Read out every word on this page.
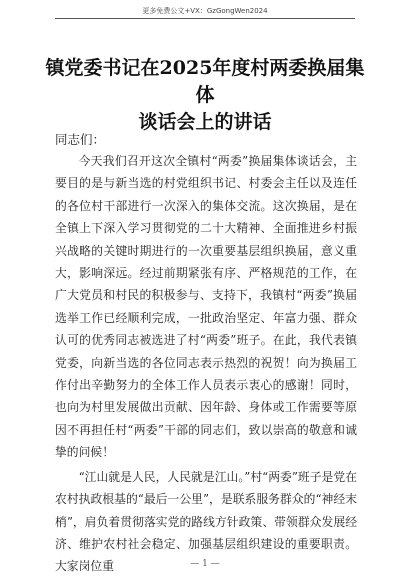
更多免费公文+VX：GzGongWen2024
镇党委书记在2025年度村两委换届集体
谈话会上的讲话
同志们：

今天我们召开这次全镇村“两委”换届集体谈话会，主要目的是与新当选的村党组织书记、村委会主任以及连任的各位村干部进行一次深入的集体交流。这次换届，是在全镇上下深入学习贯彻党的二十大精神、全面推进乡村振兴战略的关键时期进行的一次重要基层组织换届，意义重大，影响深远。经过前期紧张有序、严格规范的工作，在广大党员和村民的积极参与、支持下，我镇村“两委”换届选举工作已经顺利完成，一批政治坚定、年富力强、群众认可的优秀同志被选进了村“两委”班子。在此，我代表镇党委，向新当选的各位同志表示热烈的祝贺！向为换届工作付出辛勤努力的全体工作人员表示衷心的感谢！同时，也向为村里发展做出贡献、因年龄、身体或工作需要等原因不再担任村“两委”干部的同志们，致以崇高的敬意和诚挚的问候！

“江山就是人民，人民就是江山。”村“两委”班子是党在农村执政根基的“最后一公里”，是联系服务群众的“神经末梢”，肩负着贯彻落实党的路线方针政策、带领群众发展经济、维护农村社会稳定、加强基层组织建设的重要职责。大家岗位重	— 1 —
